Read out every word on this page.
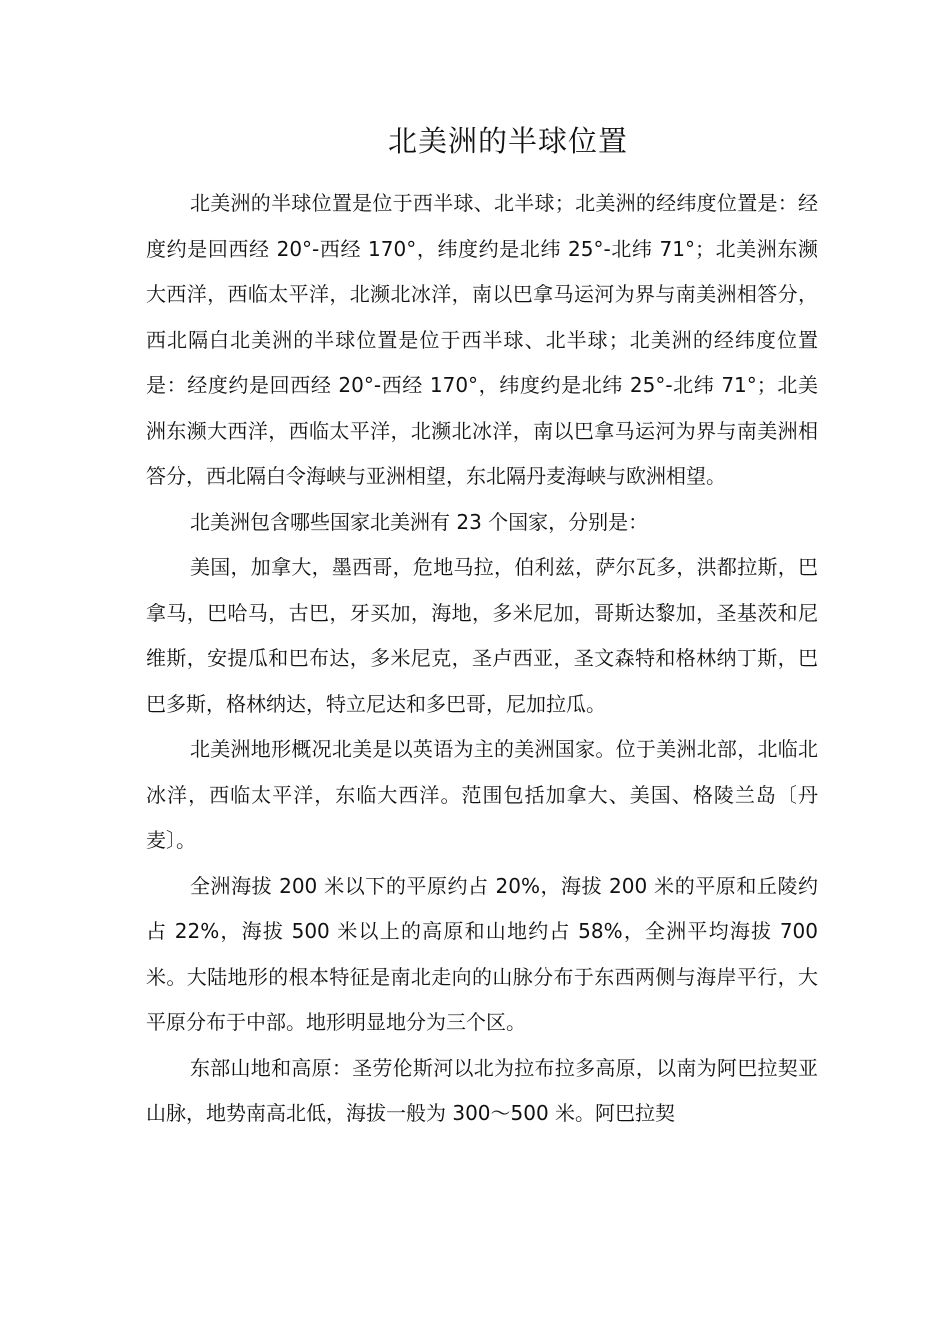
北美洲的半球位置

北美洲的半球位置是位于西半球、北半球；北美洲的经纬度位置是：经度约是回西经 20°-西经 170°，纬度约是北纬 25°-北纬 71°；北美洲东濒大西洋，西临太平洋，北濒北冰洋，南以巴拿马运河为界与南美洲相答分，西北隔白北美洲的半球位置是位于西半球、北半球；北美洲的经纬度位置是：经度约是回西经 20°-西经 170°，纬度约是北纬 25°-北纬 71°；北美洲东濒大西洋，西临太平洋，北濒北冰洋，南以巴拿马运河为界与南美洲相答分，西北隔白令海峡与亚洲相望，东北隔丹麦海峡与欧洲相望。

北美洲包含哪些国家北美洲有 23 个国家，分别是：

美国，加拿大，墨西哥，危地马拉，伯利兹，萨尔瓦多，洪都拉斯，巴拿马，巴哈马，古巴，牙买加，海地，多米尼加，哥斯达黎加，圣基茨和尼维斯，安提瓜和巴布达，多米尼克，圣卢西亚，圣文森特和格林纳丁斯，巴巴多斯，格林纳达，特立尼达和多巴哥，尼加拉瓜。

北美洲地形概况北美是以英语为主的美洲国家。位于美洲北部，北临北冰洋，西临太平洋，东临大西洋。范围包括加拿大、美国、格陵兰岛〔丹麦〕。

全洲海拔 200 米以下的平原约占 20%，海拔 200 米的平原和丘陵约占 22%，海拔 500 米以上的高原和山地约占 58%，全洲平均海拔 700 米。大陆地形的根本特征是南北走向的山脉分布于东西两侧与海岸平行，大平原分布于中部。地形明显地分为三个区。

东部山地和高原：圣劳伦斯河以北为拉布拉多高原，以南为阿巴拉契亚山脉，地势南高北低，海拔一般为 300～500 米。阿巴拉契
